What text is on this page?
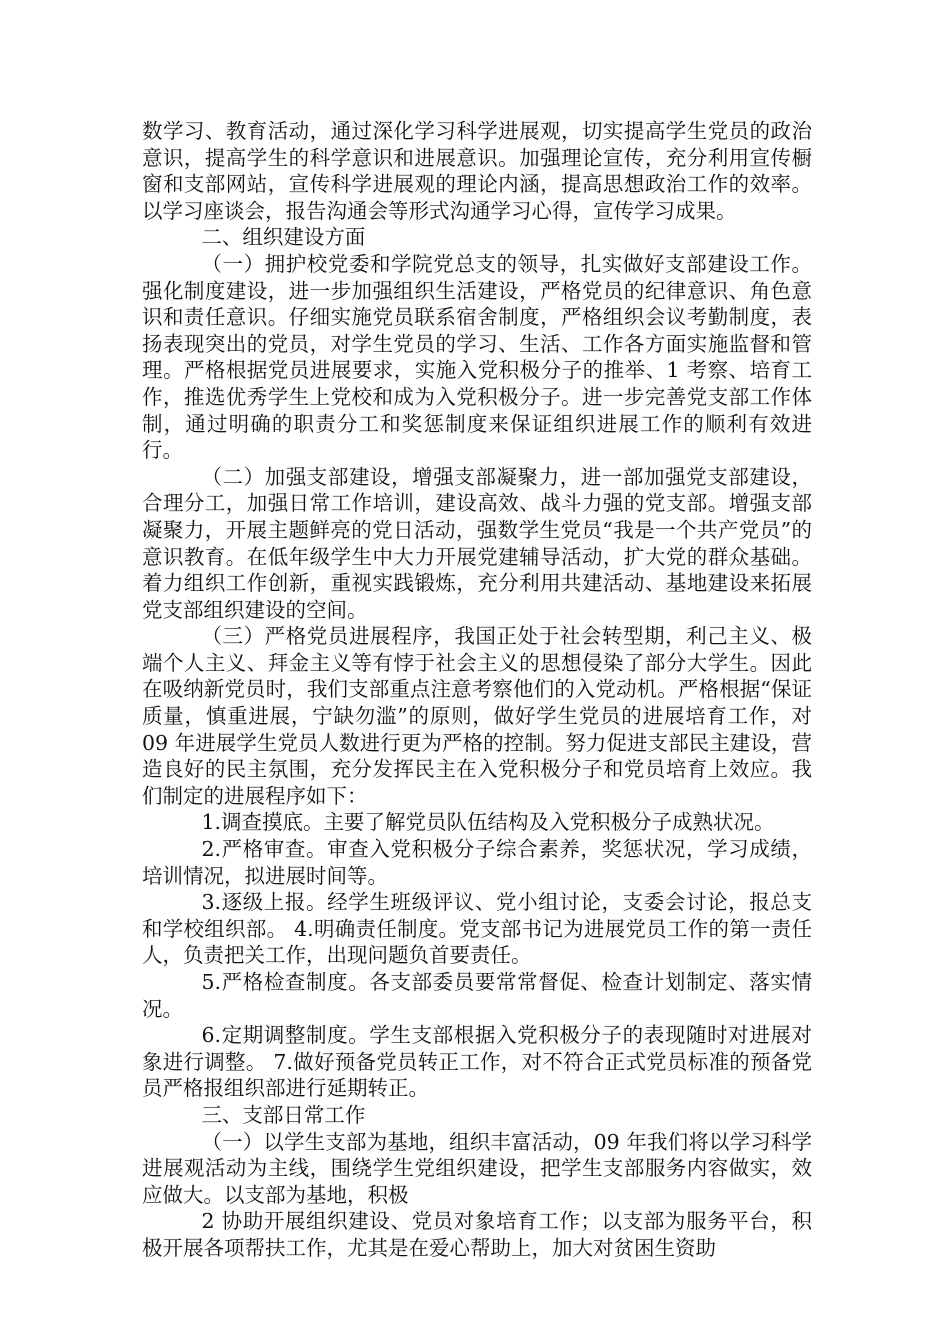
数学习、教育活动，通过深化学习科学进展观，切实提高学生党员的政治意识，提高学生的科学意识和进展意识。加强理论宣传，充分利用宣传橱窗和支部网站，宣传科学进展观的理论内涵，提高思想政治工作的效率。以学习座谈会，报告沟通会等形式沟通学习心得，宣传学习成果。

二、组织建设方面

（一）拥护校党委和学院党总支的领导，扎实做好支部建设工作。强化制度建设，进一步加强组织生活建设，严格党员的纪律意识、角色意识和责任意识。仔细实施党员联系宿舍制度，严格组织会议考勤制度，表扬表现突出的党员，对学生党员的学习、生活、工作各方面实施监督和管理。严格根据党员进展要求，实施入党积极分子的推举、1 考察、培育工作，推选优秀学生上党校和成为入党积极分子。进一步完善党支部工作体制，通过明确的职责分工和奖惩制度来保证组织进展工作的顺利有效进行。

（二）加强支部建设，增强支部凝聚力，进一部加强党支部建设，合理分工，加强日常工作培训，建设高效、战斗力强的党支部。增强支部凝聚力，开展主题鲜亮的党日活动，强数学生党员“我是一个共产党员”的意识教育。在低年级学生中大力开展党建辅导活动，扩大党的群众基础。着力组织工作创新，重视实践锻炼，充分利用共建活动、基地建设来拓展党支部组织建设的空间。

（三）严格党员进展程序，我国正处于社会转型期，利己主义、极端个人主义、拜金主义等有悖于社会主义的思想侵染了部分大学生。因此在吸纳新党员时，我们支部重点注意考察他们的入党动机。严格根据“保证质量，慎重进展，宁缺勿滥”的原则，做好学生党员的进展培育工作，对 09 年进展学生党员人数进行更为严格的控制。努力促进支部民主建设，营造良好的民主氛围，充分发挥民主在入党积极分子和党员培育上效应。我们制定的进展程序如下：

1.调查摸底。主要了解党员队伍结构及入党积极分子成熟状况。

2.严格审查。审查入党积极分子综合素养，奖惩状况，学习成绩，培训情况，拟进展时间等。

3.逐级上报。经学生班级评议、党小组讨论，支委会讨论，报总支和学校组织部。 4.明确责任制度。党支部书记为进展党员工作的第一责任人，负责把关工作，出现问题负首要责任。

5.严格检查制度。各支部委员要常常督促、检查计划制定、落实情况。

6.定期调整制度。学生支部根据入党积极分子的表现随时对进展对象进行调整。 7.做好预备党员转正工作，对不符合正式党员标准的预备党员严格报组织部进行延期转正。

三、支部日常工作

（一）以学生支部为基地，组织丰富活动，09 年我们将以学习科学进展观活动为主线，围绕学生党组织建设，把学生支部服务内容做实，效应做大。以支部为基地，积极

2 协助开展组织建设、党员对象培育工作；以支部为服务平台，积极开展各项帮扶工作，尤其是在爱心帮助上，加大对贫困生资助
